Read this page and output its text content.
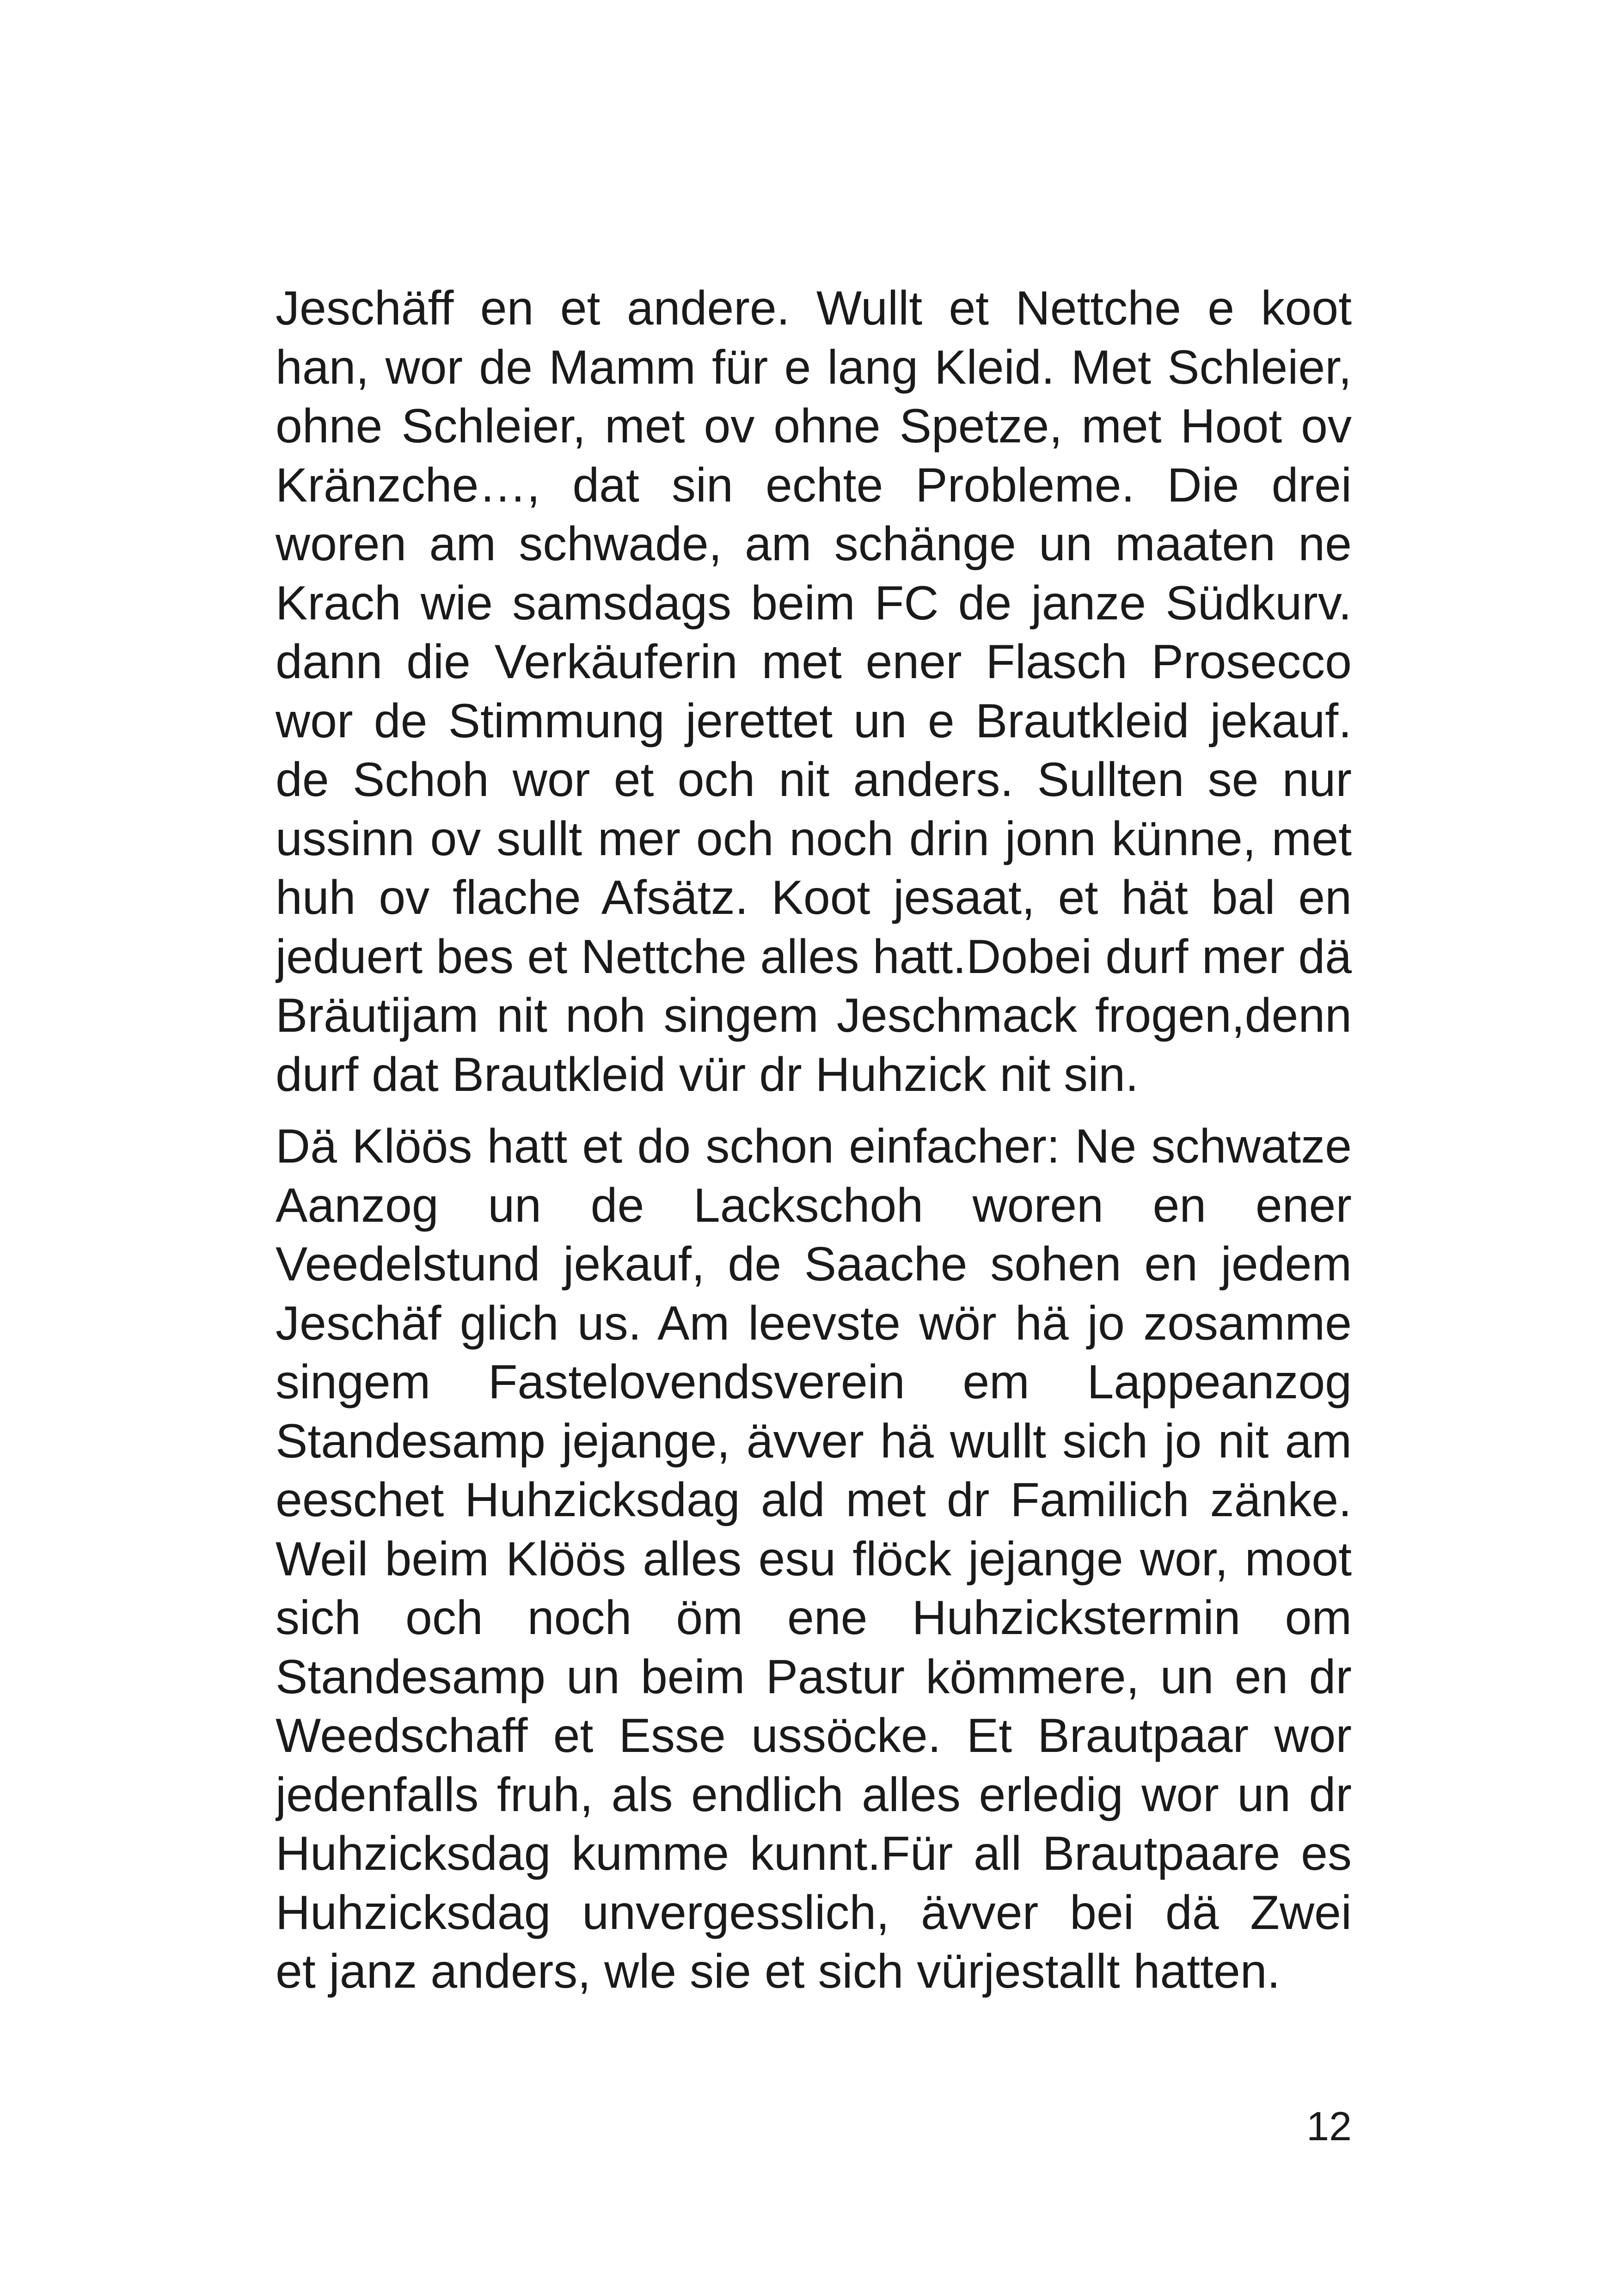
Jeschäff en et andere. Wullt et Nettche e koot
han, wor de Mamm für e lang Kleid. Met Schleier,
ohne Schleier, met ov ohne Spetze, met Hoot ov
Kränzche…, dat sin echte Probleme. Die drei
woren am schwade, am schänge un maaten ne
Krach wie samsdags beim FC de janze Südkurv.
dann die Verkäuferin met ener Flasch Prosecco
wor de Stimmung jerettet un e Brautkleid jekauf.
de Schoh wor et och nit anders. Sullten se nur
ussinn ov sullt mer och noch drin jonn künne, met
huh ov flache Afsätz. Koot jesaat, et hät bal en
jeduert bes et Nettche alles hatt.Dobei durf mer dä
Bräutijam nit noh singem Jeschmack frogen,denn
durf dat Brautkleid vür dr Huhzick nit sin.
Dä Klöös hatt et do schon einfacher: Ne schwatze
Aanzog un de Lackschoh woren en ener
Veedelstund jekauf, de Saache sohen en jedem
Jeschäf glich us. Am leevste wör hä jo zosamme
singem Fastelovendsverein em Lappeanzog
Standesamp jejange, ävver hä wullt sich jo nit am
eeschet Huhzicksdag ald met dr Familich zänke.
Weil beim Klöös alles esu flöck jejange wor, moot
sich och noch öm ene Huhzickstermin om
Standesamp un beim Pastur kömmere, un en dr
Weedschaff et Esse ussöcke. Et Brautpaar wor
jedenfalls fruh, als endlich alles erledig wor un dr
Huhzicksdag kumme kunnt.Für all Brautpaare es
Huhzicksdag unvergesslich, ävver bei dä Zwei
et janz anders, wle sie et sich vürjestallt hatten.
12
